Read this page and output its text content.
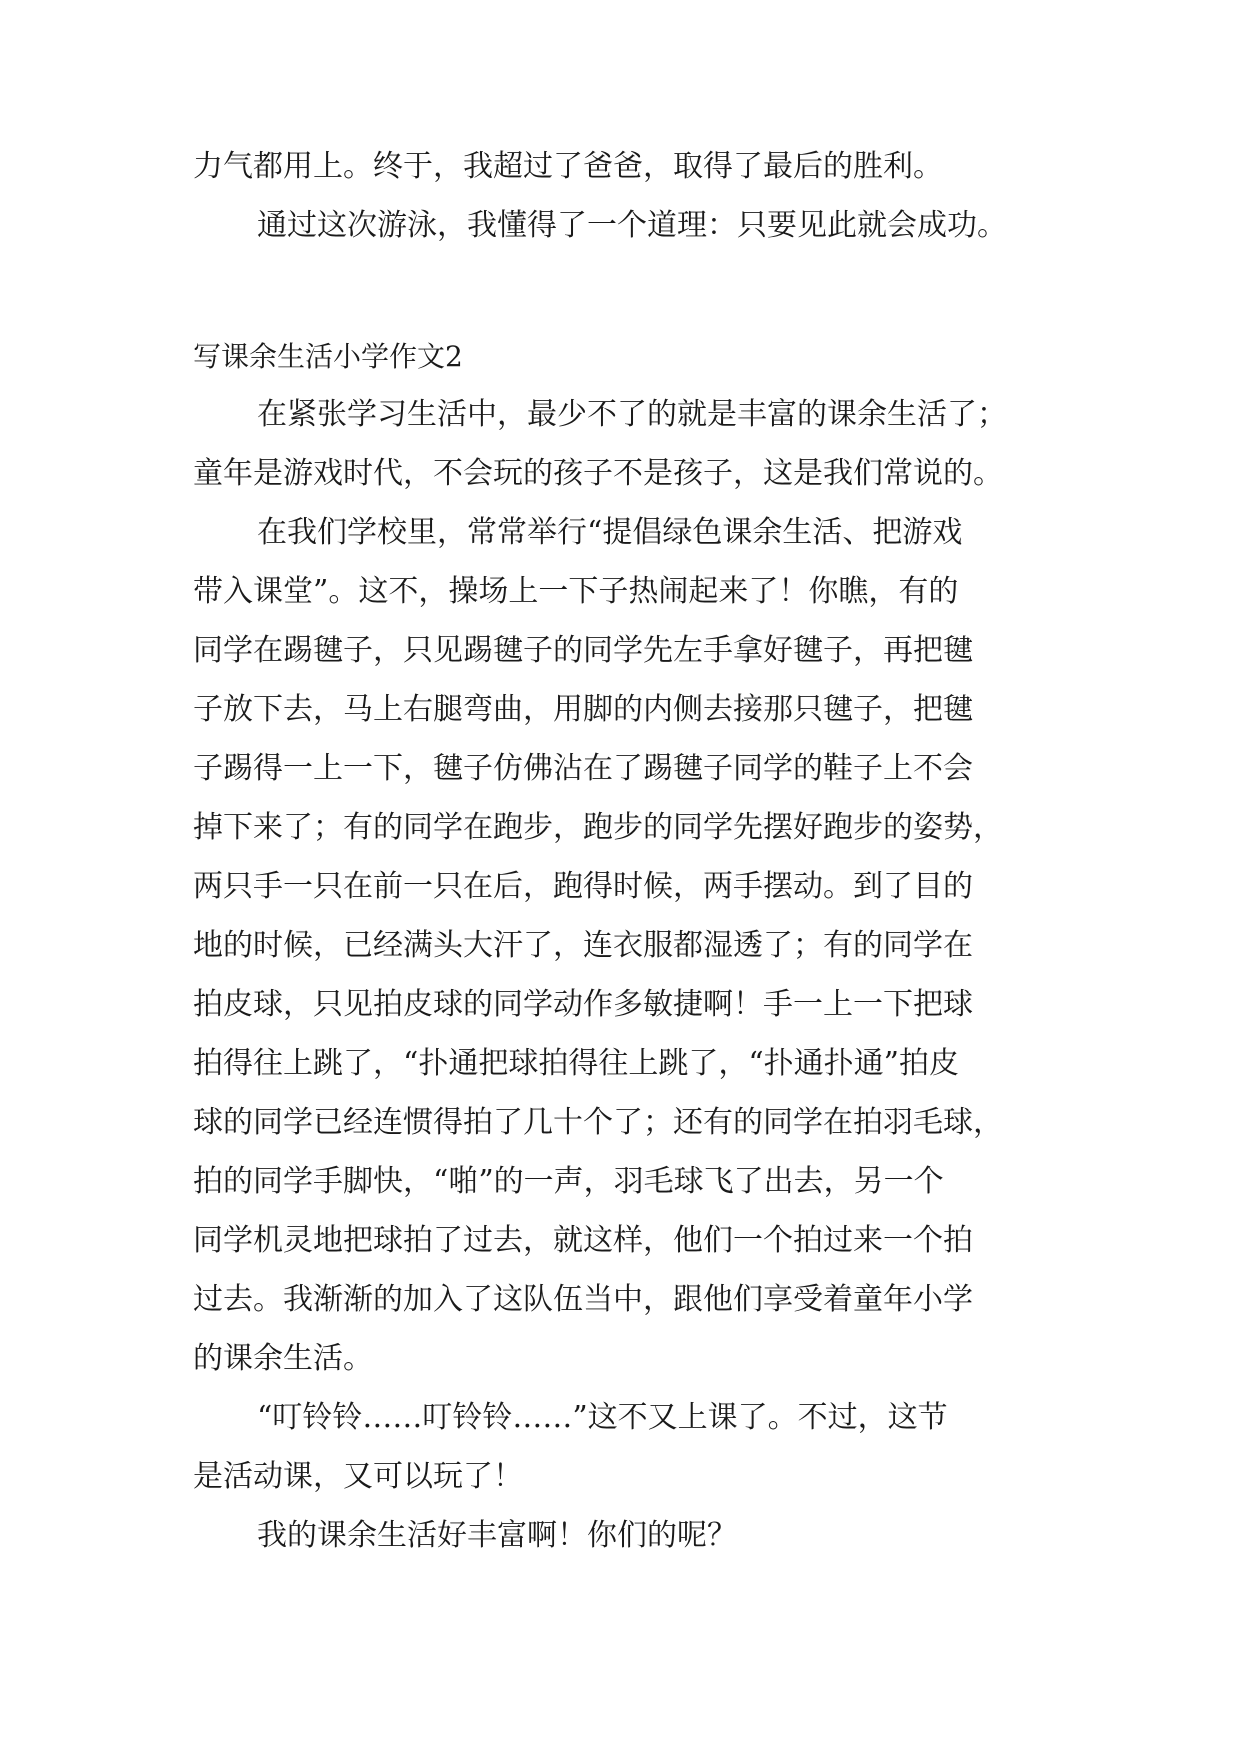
力气都用上。终于，我超过了爸爸，取得了最后的胜利。

通过这次游泳，我懂得了一个道理：只要见此就会成功。

写课余生活小学作文2

在紧张学习生活中，最少不了的就是丰富的课余生活了；

童年是游戏时代，不会玩的孩子不是孩子，这是我们常说的。

在我们学校里，常常举行“提倡绿色课余生活、把游戏

带入课堂”。这不，操场上一下子热闹起来了！你瞧，有的

同学在踢毽子，只见踢毽子的同学先左手拿好毽子，再把毽

子放下去，马上右腿弯曲，用脚的内侧去接那只毽子，把毽

子踢得一上一下，毽子仿佛沾在了踢毽子同学的鞋子上不会

掉下来了；有的同学在跑步，跑步的同学先摆好跑步的姿势，

两只手一只在前一只在后，跑得时候，两手摆动。到了目的

地的时候，已经满头大汗了，连衣服都湿透了；有的同学在

拍皮球，只见拍皮球的同学动作多敏捷啊！手一上一下把球

拍得往上跳了，“扑通把球拍得往上跳了，“扑通扑通”拍皮

球的同学已经连惯得拍了几十个了；还有的同学在拍羽毛球，

拍的同学手脚快，“啪”的一声，羽毛球飞了出去，另一个

同学机灵地把球拍了过去，就这样，他们一个拍过来一个拍

过去。我渐渐的加入了这队伍当中，跟他们享受着童年小学

的课余生活。

“叮铃铃……叮铃铃……”这不又上课了。不过，这节

是活动课，又可以玩了！

我的课余生活好丰富啊！你们的呢？
